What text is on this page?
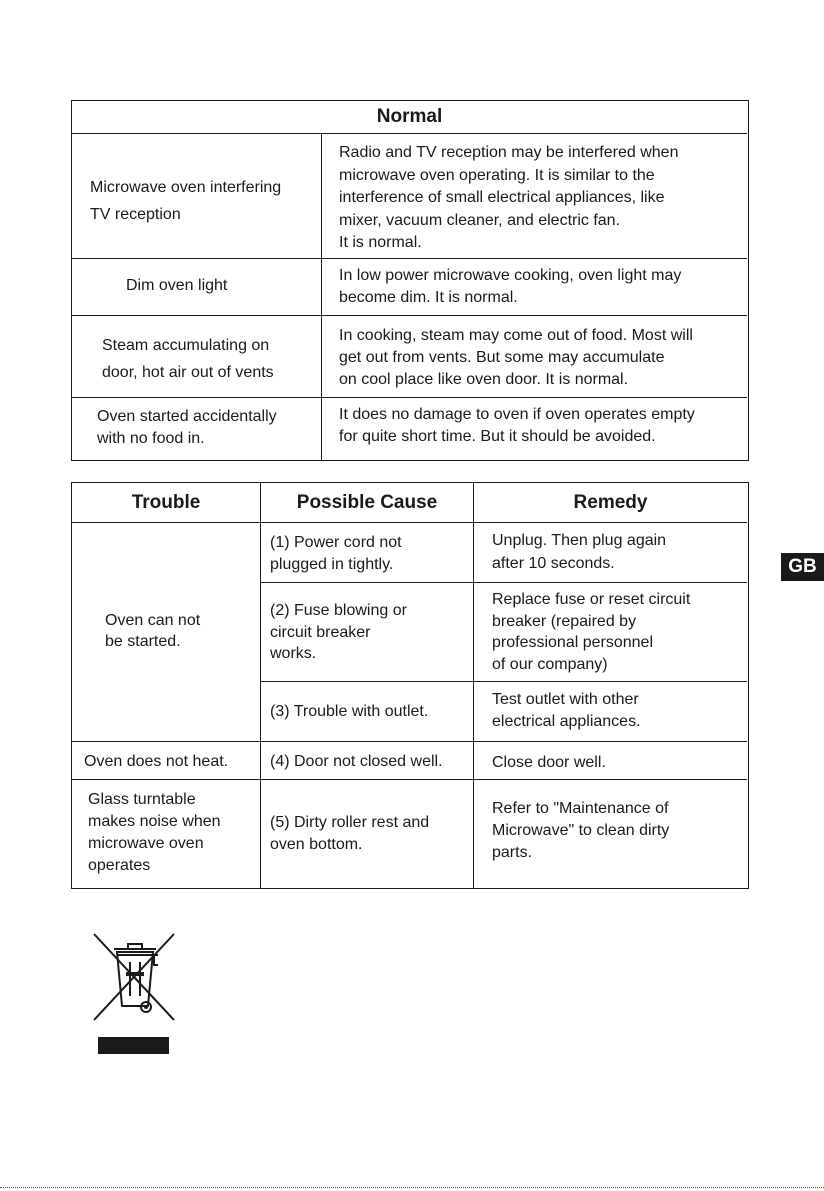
Normal
Microwave oven interfering
TV reception
Radio and TV reception may be interfered when
microwave oven operating. It is similar to the
interference of small electrical appliances, like
mixer, vacuum cleaner, and electric fan.
It is normal.
Dim oven light
In low power microwave cooking, oven light may
become dim. It is normal.
Steam accumulating on
door, hot air out of vents
In cooking, steam may come out of food. Most will
get out from vents. But some may accumulate
on cool place like oven door. It is normal.
Oven started accidentally
with no food in.
It does no damage to oven if oven operates empty
for quite short time. But it should be avoided.
Trouble	Possible Cause	Remedy
Oven can not
be started.
Oven does not heat.
Glass turntable
makes noise when
microwave oven
operates
(1) Power cord not
plugged in tightly.
(2) Fuse blowing or
circuit breaker
works.
(3) Trouble with outlet.
(4) Door not closed well.
(5) Dirty roller rest and
oven bottom.
Unplug. Then plug again
after 10 seconds.
Replace fuse or reset circuit
breaker (repaired by
professional personnel
of our company)
Test outlet with other
electrical appliances.
Close door well.
Refer to "Maintenance of
Microwave" to clean dirty
parts.
GB
